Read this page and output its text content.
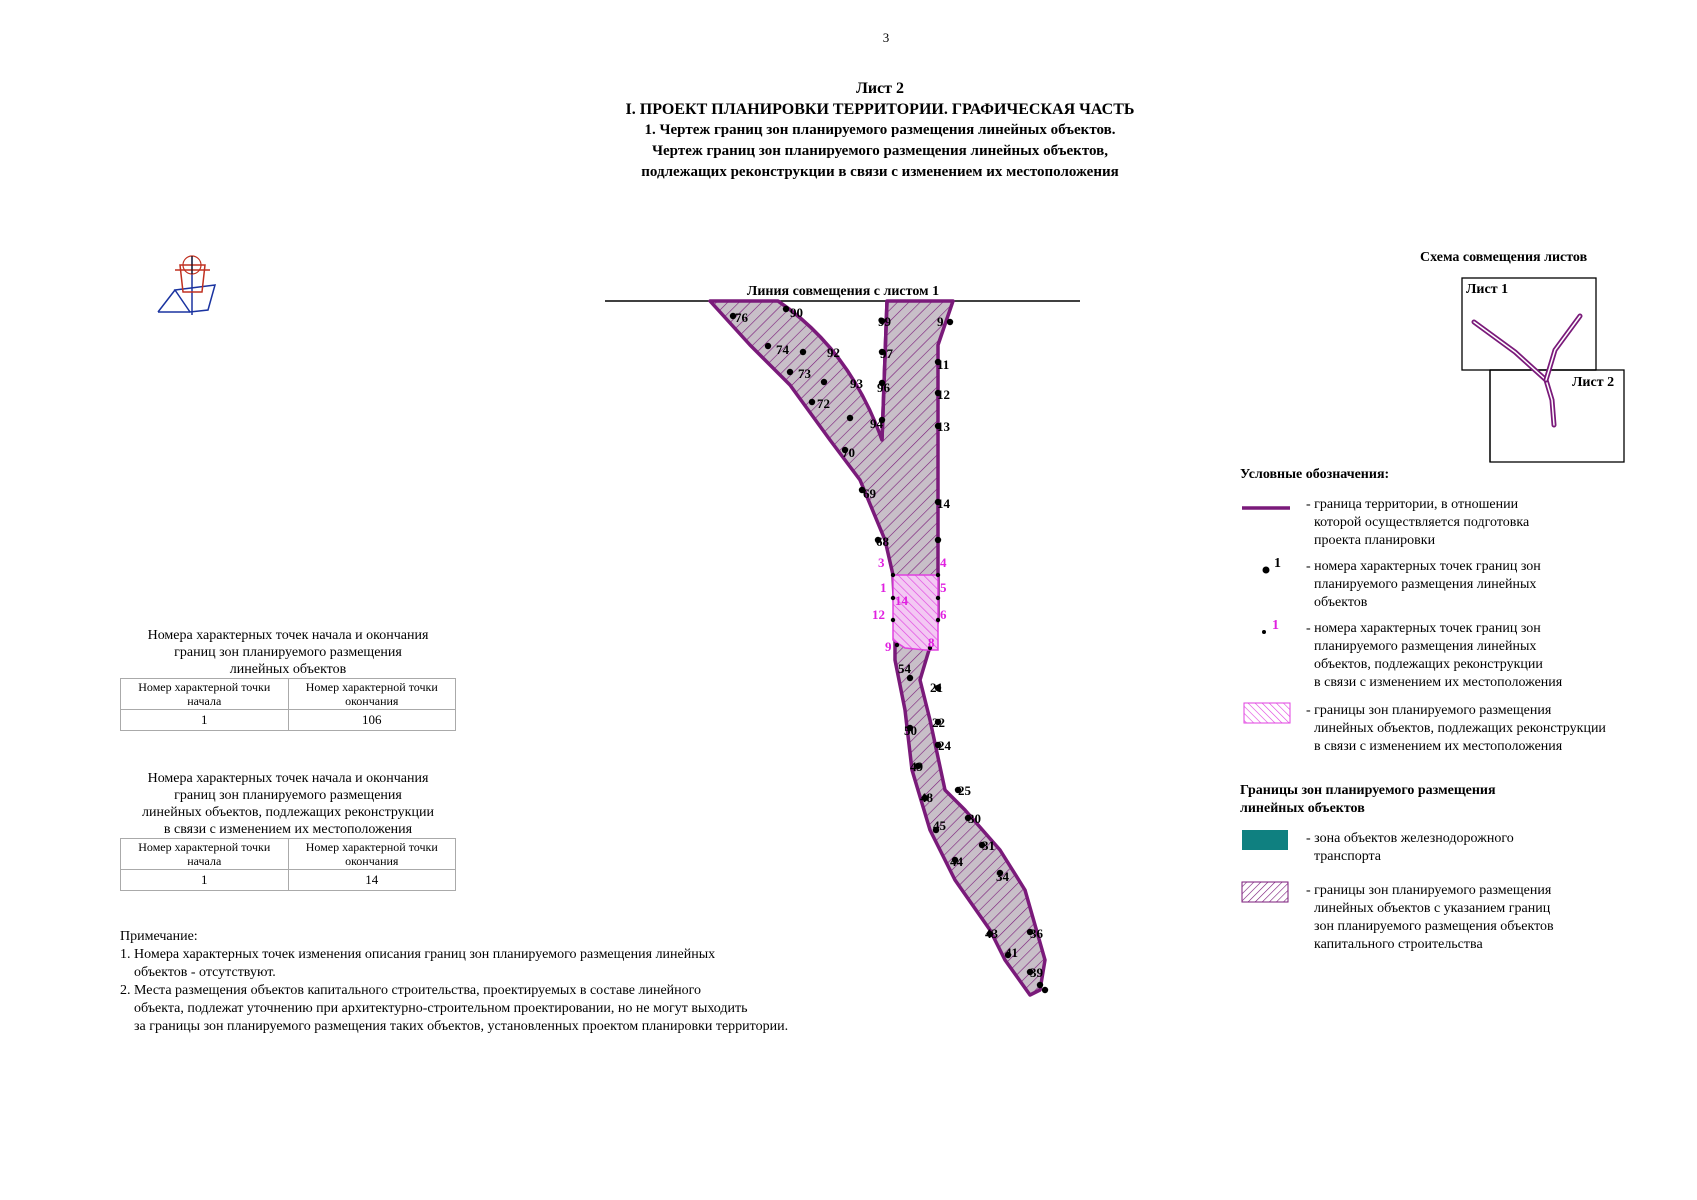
3
Лист 2
I. ПРОЕКТ ПЛАНИРОВКИ ТЕРРИТОРИИ. ГРАФИЧЕСКАЯ ЧАСТЬ
1. Чертеж границ зон планируемого размещения линейных объектов.
Чертеж границ зон планируемого размещения линейных объектов,
подлежащих реконструкции в связи с изменением их местоположения
Линия совмещения с листом 1
76	90
99	9
74	92	97
11
73
93 96	12
72
94	13
70
69
14
68
54
21
50
22
24
49
25
48
30
45
31
44
34
43 36
41
39
3	4
1	5
14
12	6
9	8
Лист 1
Лист 2
Номера характерных точек начала и окончания
границ зон планируемого размещения
линейных объектов
Номер характерной точки
начала	Номер характерной точки
окончания
1	106
Номера характерных точек начала и окончания
границ зон планируемого размещения
линейных объектов, подлежащих реконструкции
в связи с изменением их местоположения
Номер характерной точки
начала	Номер характерной точки
окончания
1	14
Примечание:
1. Номера характерных точек изменения описания границ зон планируемого размещения линейных
объектов - отсутствуют.
2. Места размещения объектов капитального строительства, проектируемых в составе линейного
объекта, подлежат уточнению при архитектурно-строительном проектировании, но не могут выходить
за границы зон планируемого размещения таких объектов, установленных проектом планировки территории.
Схема совмещения листов
Условные обозначения:
- граница территории, в отношении
которой осуществляется подготовка
проекта планировки
1 - номера характерных точек границ зон
планируемого размещения линейных
объектов
1 - номера характерных точек границ зон
планируемого размещения линейных
объектов, подлежащих реконструкции
в связи с изменением их местоположения
- границы зон планируемого размещения
линейных объектов, подлежащих реконструкции
в связи с изменением их местоположения
Границы зон планируемого размещения
линейных объектов
- зона объектов железнодорожного
транспорта
- границы зон планируемого размещения
линейных объектов с указанием границ
зон планируемого размещения объектов
капитального строительства
